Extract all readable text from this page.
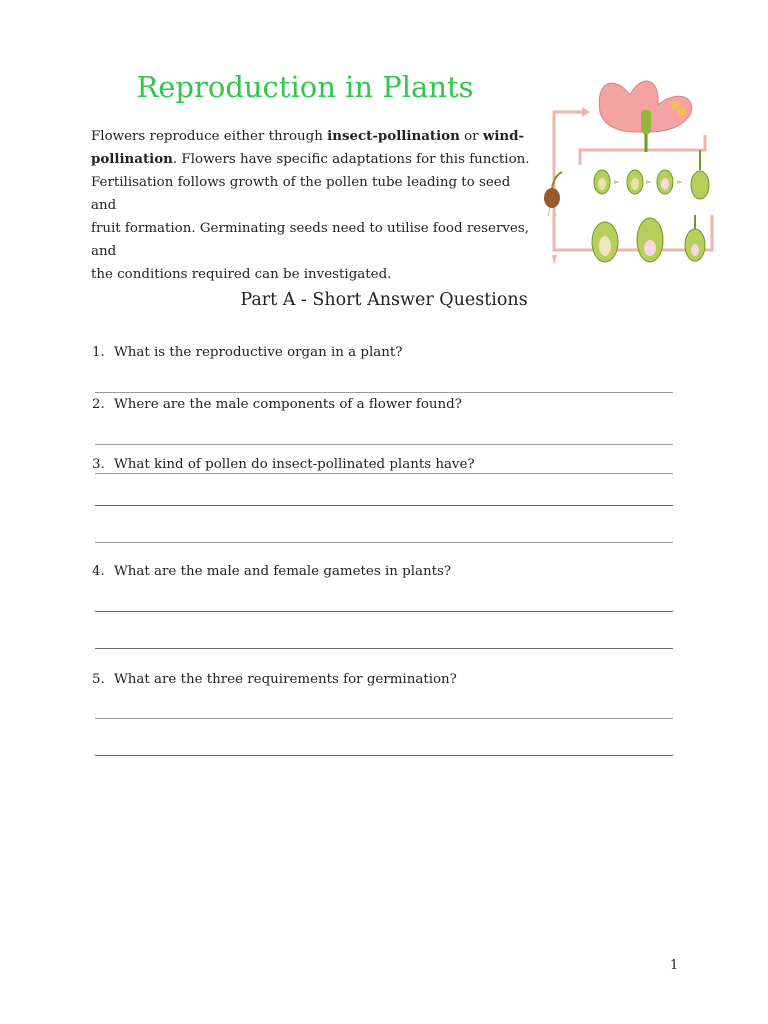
Reproduction in Plants
Flowers reproduce either through insect-pollination or wind-
pollination. Flowers have specific adaptations for this function.
Fertilisation follows growth of the pollen tube leading to seed and
fruit formation. Germinating seeds need to utilise food reserves, and
the conditions required can be investigated.
Part A - Short Answer Questions
1. What is the reproductive organ in a plant?
2. Where are the male components of a flower found?
3. What kind of pollen do insect-pollinated plants have?
4. What are the male and female gametes in plants?
5. What are the three requirements for germination?
1
